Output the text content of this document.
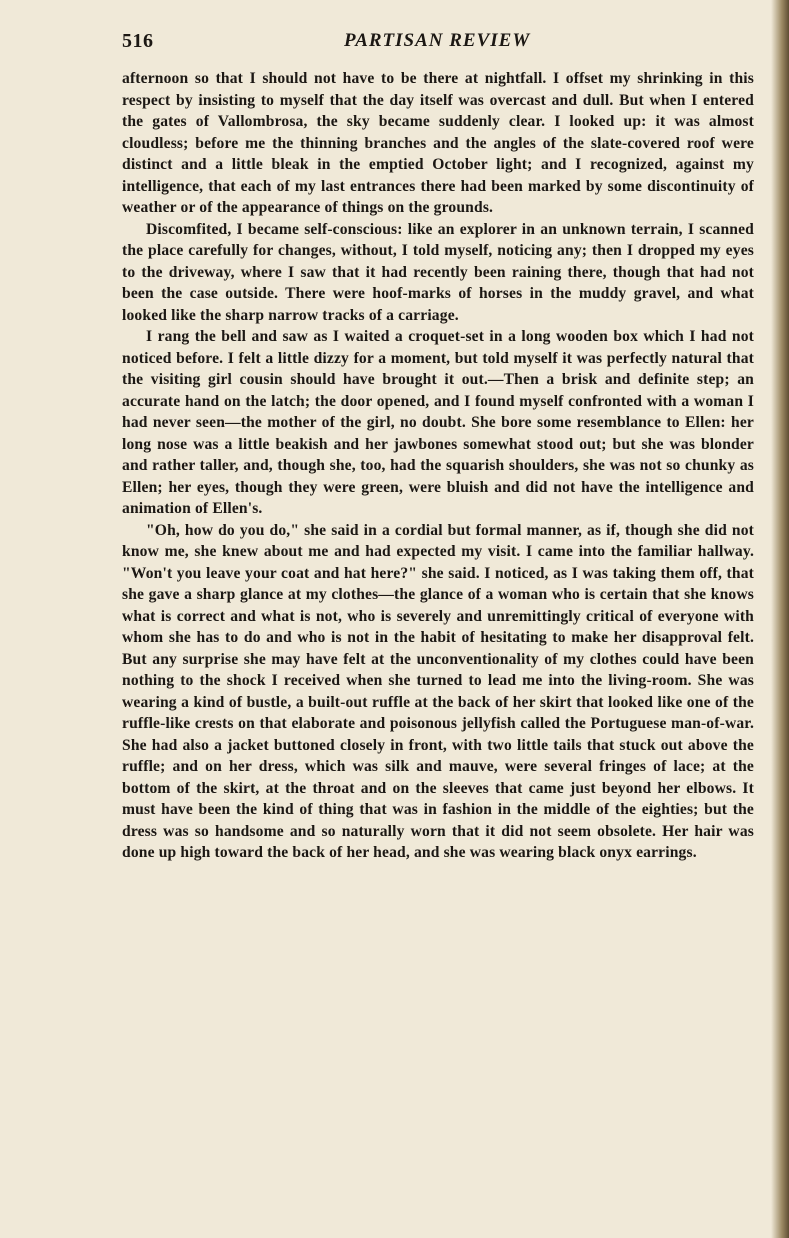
516	PARTISAN REVIEW

afternoon so that I should not have to be there at nightfall. I offset my shrinking in this respect by insisting to myself that the day itself was overcast and dull. But when I entered the gates of Vallombrosa, the sky became suddenly clear. I looked up: it was almost cloudless; before me the thinning branches and the angles of the slate-covered roof were distinct and a little bleak in the emptied October light; and I recognized, against my intelligence, that each of my last entrances there had been marked by some discontinuity of weather or of the appearance of things on the grounds.

Discomfited, I became self-conscious: like an explorer in an unknown terrain, I scanned the place carefully for changes, without, I told myself, noticing any; then I dropped my eyes to the driveway, where I saw that it had recently been raining there, though that had not been the case outside. There were hoof-marks of horses in the muddy gravel, and what looked like the sharp narrow tracks of a carriage.

I rang the bell and saw as I waited a croquet-set in a long wooden box which I had not noticed before. I felt a little dizzy for a moment, but told myself it was perfectly natural that the visiting girl cousin should have brought it out.—Then a brisk and definite step; an accurate hand on the latch; the door opened, and I found myself confronted with a woman I had never seen—the mother of the girl, no doubt. She bore some resemblance to Ellen: her long nose was a little beakish and her jawbones somewhat stood out; but she was blonder and rather taller, and, though she, too, had the squarish shoulders, she was not so chunky as Ellen; her eyes, though they were green, were bluish and did not have the intelligence and animation of Ellen's.

"Oh, how do you do," she said in a cordial but formal manner, as if, though she did not know me, she knew about me and had expected my visit. I came into the familiar hallway. "Won't you leave your coat and hat here?" she said. I noticed, as I was taking them off, that she gave a sharp glance at my clothes—the glance of a woman who is certain that she knows what is correct and what is not, who is severely and unremittingly critical of everyone with whom she has to do and who is not in the habit of hesitating to make her disapproval felt. But any surprise she may have felt at the unconventionality of my clothes could have been nothing to the shock I received when she turned to lead me into the living-room. She was wearing a kind of bustle, a built-out ruffle at the back of her skirt that looked like one of the ruffle-like crests on that elaborate and poisonous jellyfish called the Portuguese man-of-war. She had also a jacket buttoned closely in front, with two little tails that stuck out above the ruffle; and on her dress, which was silk and mauve, were several fringes of lace; at the bottom of the skirt, at the throat and on the sleeves that came just beyond her elbows. It must have been the kind of thing that was in fashion in the middle of the eighties; but the dress was so handsome and so naturally worn that it did not seem obsolete. Her hair was done up high toward the back of her head, and she was wearing black onyx earrings.
